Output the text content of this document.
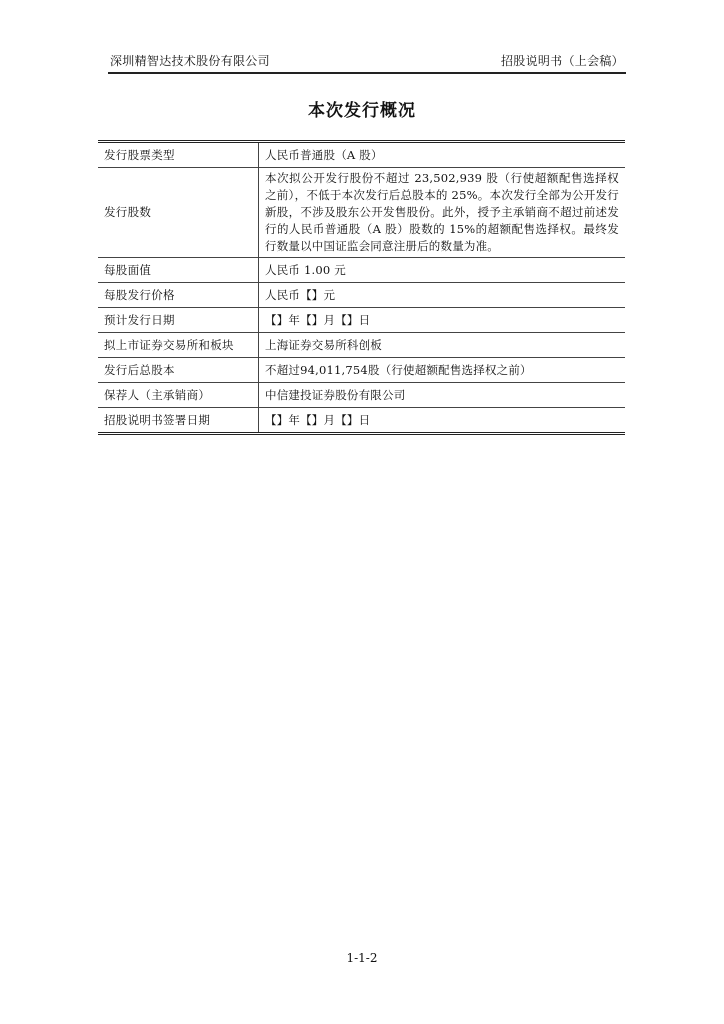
深圳精智达技术股份有限公司	招股说明书（上会稿）
本次发行概况
发行股票类型	人民币普通股（A 股）
发行股数	本次拟公开发行股份不超过 23,502,939 股（行使超额配售选择权之前），不低于本次发行后总股本的 25%。本次发行全部为公开发行新股，不涉及股东公开发售股份。此外，授予主承销商不超过前述发行的人民币普通股（A 股）股数的 15%的超额配售选择权。最终发行数量以中国证监会同意注册后的数量为准。
每股面值	人民币 1.00 元
每股发行价格	人民币【】元
预计发行日期	【】年【】月【】日
拟上市证券交易所和板块	上海证券交易所科创板
发行后总股本	不超过94,011,754股（行使超额配售选择权之前）
保荐人（主承销商）	中信建投证券股份有限公司
招股说明书签署日期	【】年【】月【】日
1-1-2
